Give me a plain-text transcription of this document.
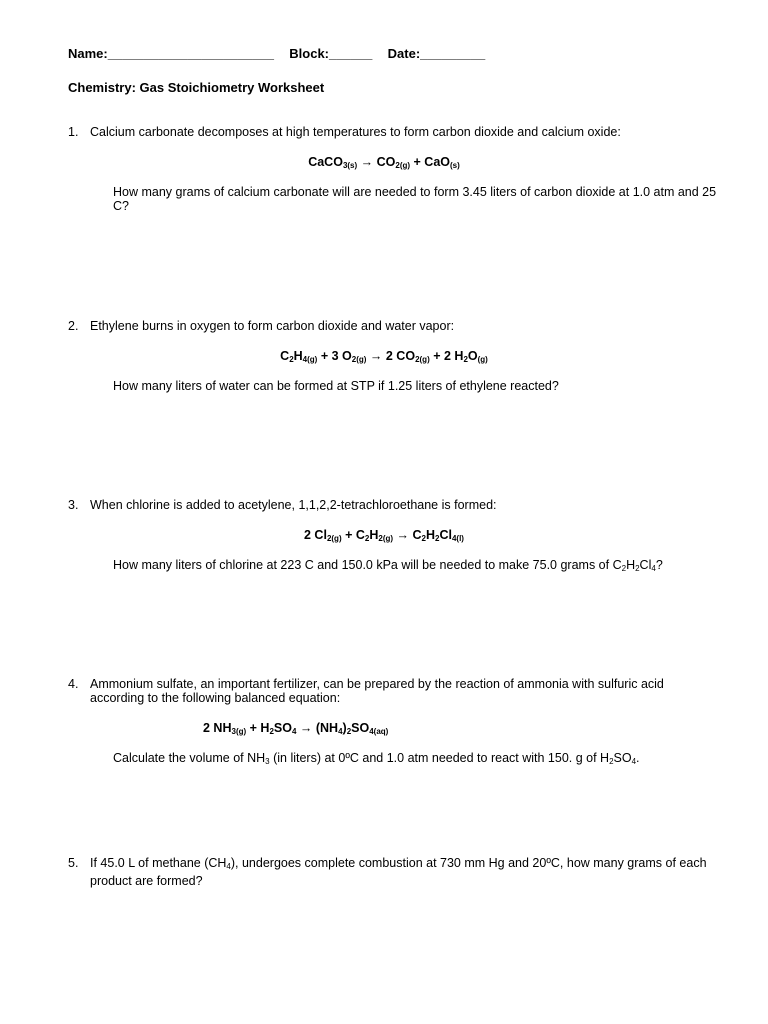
Name:_______________________ Block:______ Date:_________
Chemistry: Gas Stoichiometry Worksheet
1. Calcium carbonate decomposes at high temperatures to form carbon dioxide and calcium oxide:
CaCO$_{3(s)}$ → $CO_{2(g)} + CaO_{(s)}$
How many grams of calcium carbonate will are needed to form 3.45 liters of carbon dioxide at 1.0 atm and 25 C?
2. Ethylene burns in oxygen to form carbon dioxide and water vapor:
$C_2H_{4(g)} + 3$ $O_{2(g)} \to 2$ $CO_{2(g)} + 2$ $H_2O_{(g)}$
How many liters of water can be formed at STP if 1.25 liters of ethylene reacted?
3. When chlorine is added to acetylene, 1,1,2,2-tetrachloroethane is formed:
2 $Cl_{2(g)} + C_2H_{2(g)} \to C_2H_2Cl_{4(l)}$
How many liters of chlorine at 223 C and 150.0 kPa will be needed to make 75.0 grams of C2H2Cl4?
4. Ammonium sulfate, an important fertilizer, can be prepared by the reaction of ammonia with sulfuric acid according to the following balanced equation:
2 $NH_{3(g)} + H_2SO_4 \to (NH_4)_2SO_{4(aq)}$
Calculate the volume of NH3 (in liters) at 0ºC and 1.0 atm needed to react with 150. g of H2SO4.
5. If 45.0 L of methane (CH4), undergoes complete combustion at 730 mm Hg and 20ºC, how many grams of each product are formed?
